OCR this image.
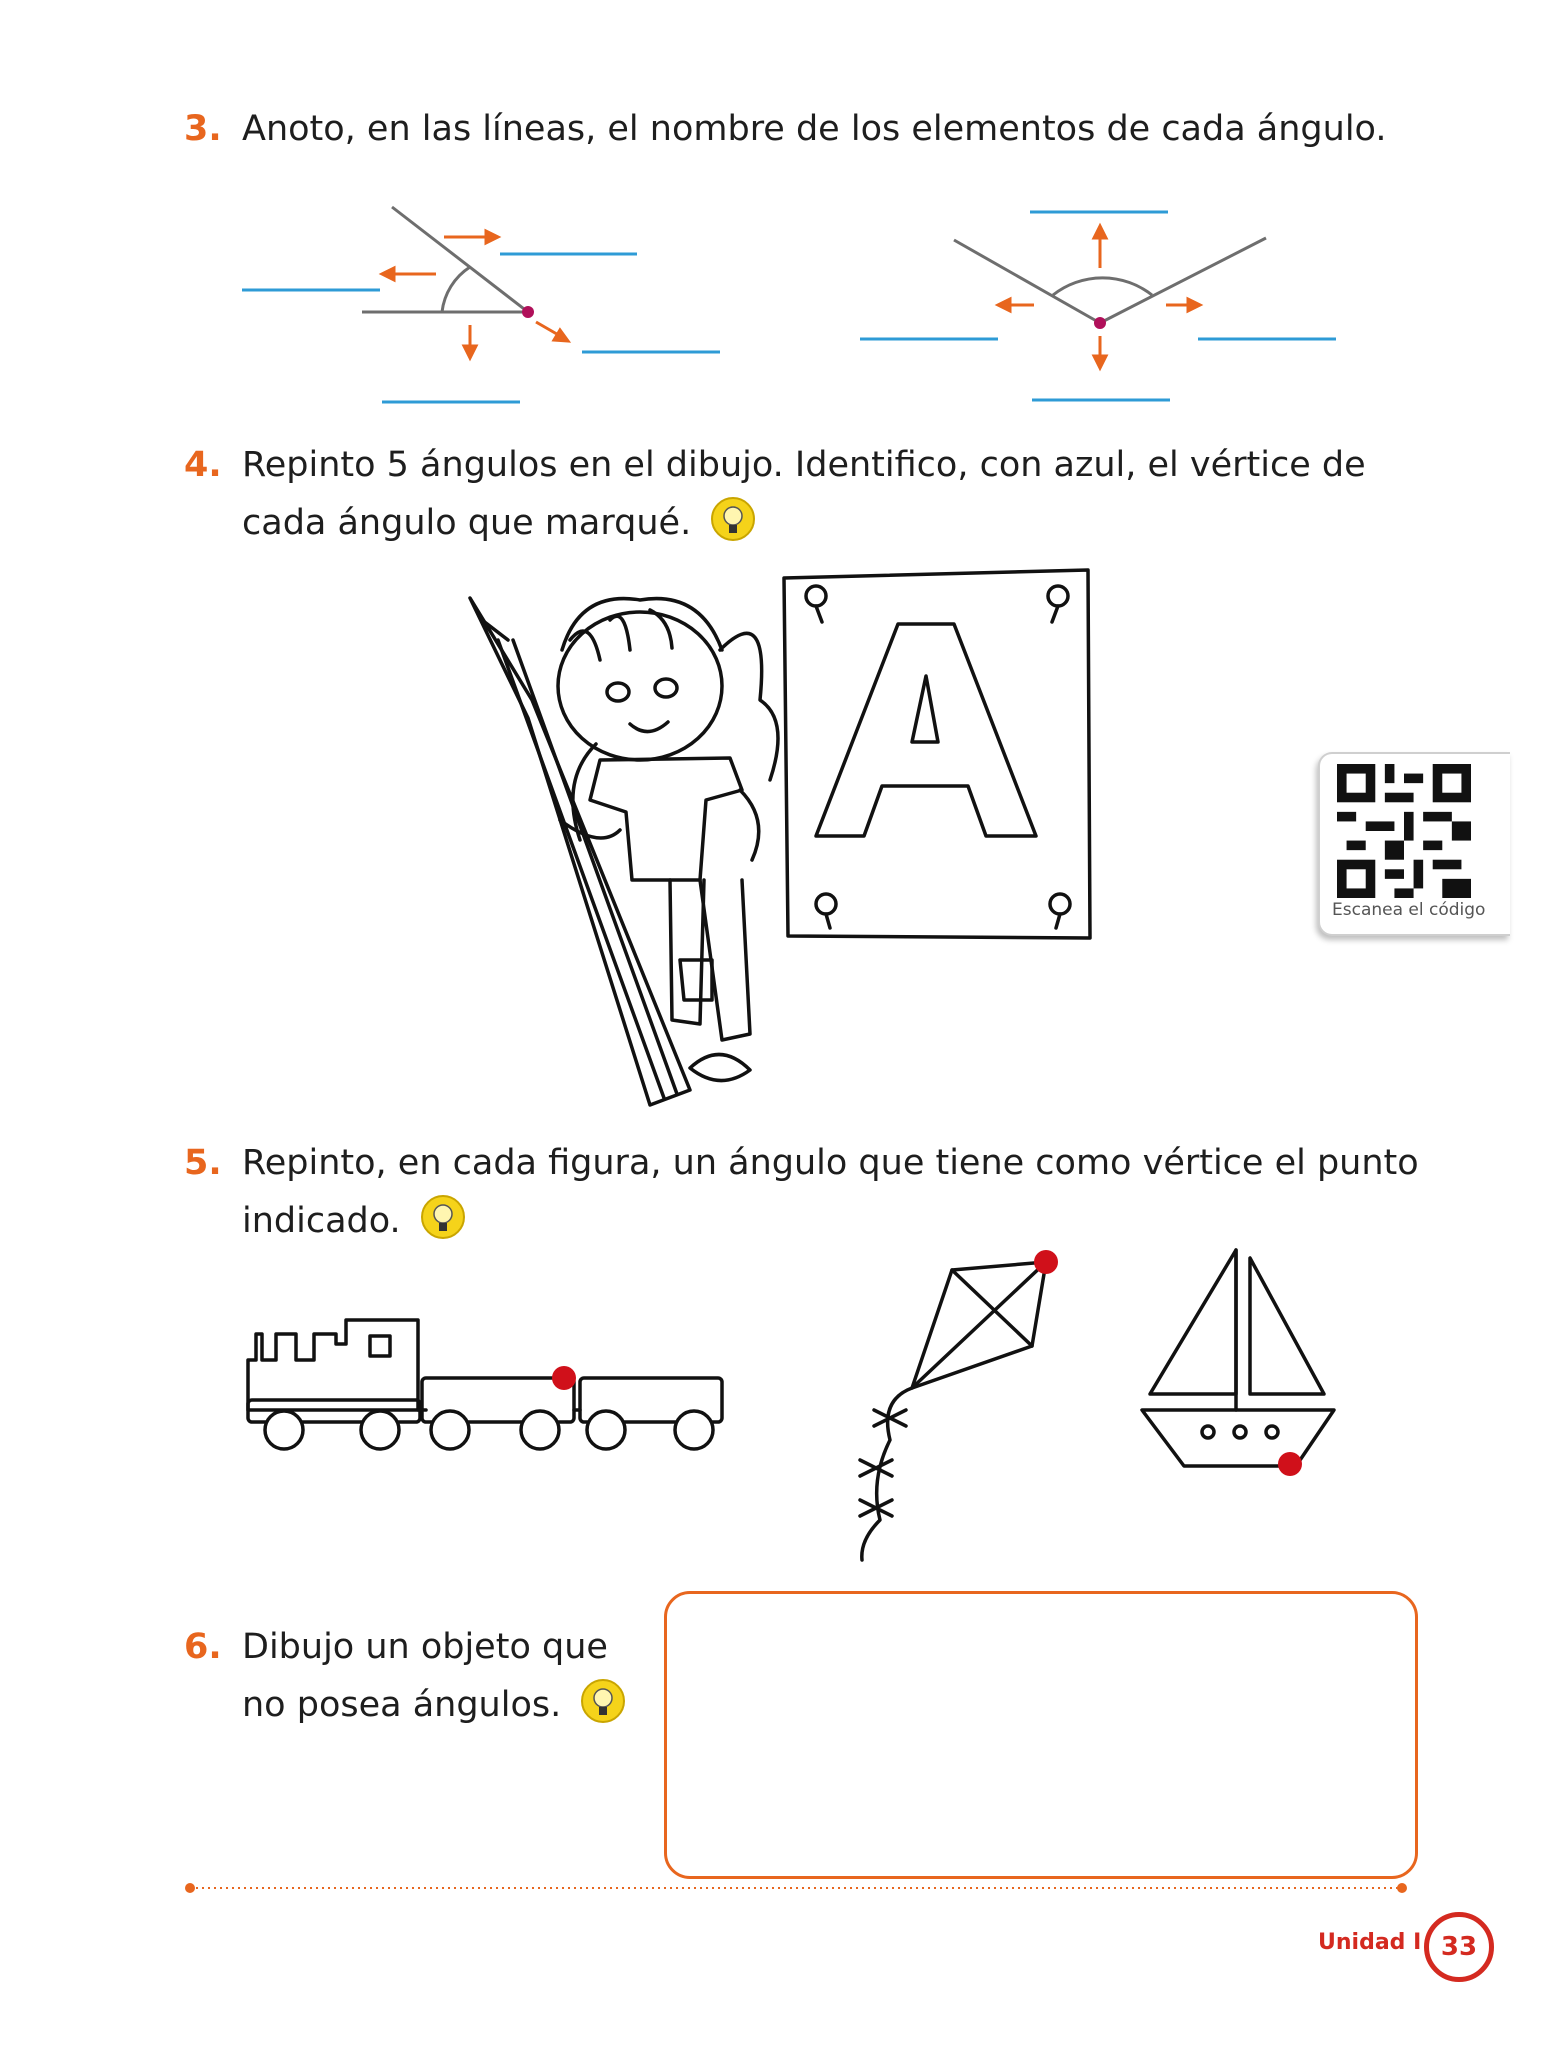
3. Anoto, en las líneas, el nombre de los elementos de cada ángulo.
4. Repinto 5 ángulos en el dibujo. Identifico, con azul, el vértice de
cada ángulo que marqué.
Escanea el código
5. Repinto, en cada figura, un ángulo que tiene como vértice el punto
indicado.
6. Dibujo un objeto que
no posea ángulos.
Unidad I 33
